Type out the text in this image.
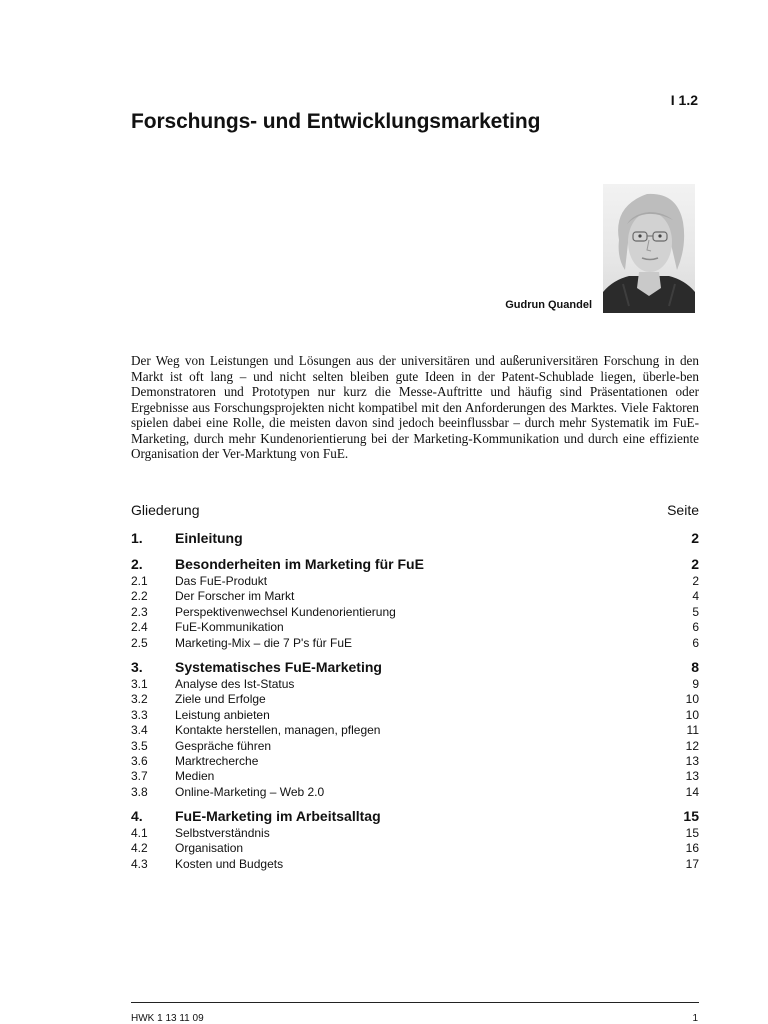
I 1.2
Forschungs- und Entwicklungsmarketing
Gudrun Quandel

Der Weg von Leistungen und Lösungen aus der universitären und außeruniversitären Forschung in den Markt ist oft lang – und nicht selten bleiben gute Ideen in der Patent-Schublade liegen, überle-ben Demonstratoren und Prototypen nur kurz die Messe-Auftritte und häufig sind Präsentationen oder Ergebnisse aus Forschungsprojekten nicht kompatibel mit den Anforderungen des Marktes. Viele Faktoren spielen dabei eine Rolle, die meisten davon sind jedoch beeinflussbar – durch mehr Systematik im FuE-Marketing, durch mehr Kundenorientierung bei der Marketing-Kommunikation und durch eine effiziente Organisation der Ver-Marktung von FuE.

Gliederung	Seite
1.	Einleitung	2
2.	Besonderheiten im Marketing für FuE	2
2.1	Das FuE-Produkt	2
2.2	Der Forscher im Markt	4
2.3	Perspektivenwechsel Kundenorientierung	5
2.4	FuE-Kommunikation	6
2.5	Marketing-Mix – die 7 P's für FuE	6
3.	Systematisches FuE-Marketing	8
3.1	Analyse des Ist-Status	9
3.2	Ziele und Erfolge	10
3.3	Leistung anbieten	10
3.4	Kontakte herstellen, managen, pflegen	11
3.5	Gespräche führen	12
3.6	Marktrecherche	13
3.7	Medien	13
3.8	Online-Marketing – Web 2.0	14
4.	FuE-Marketing im Arbeitsalltag	15
4.1	Selbstverständnis	15
4.2	Organisation	16
4.3	Kosten und Budgets	17
HWK 1 13 11 09	1
